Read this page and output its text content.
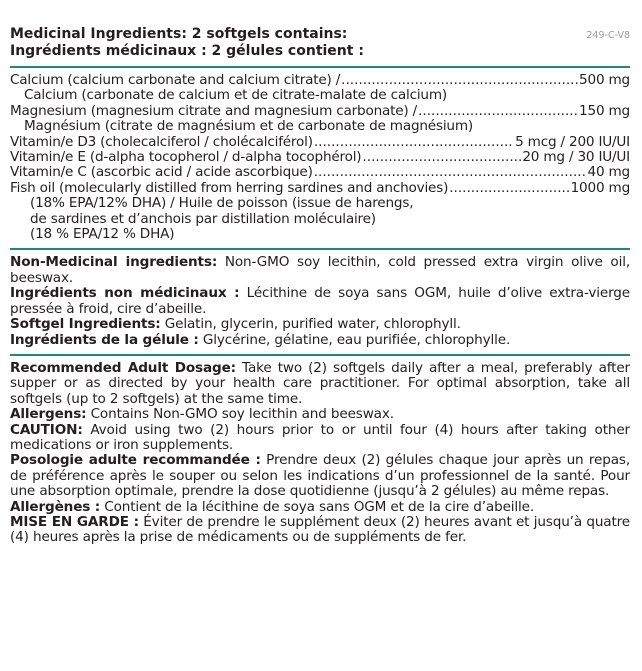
249-C-V8
Medicinal Ingredients: 2 softgels contains:
Ingrédients médicinaux : 2 gélules contient :
Calcium (calcium carbonate and calcium citrate) / .....	500 mg
Calcium (carbonate de calcium et de citrate-malate de calcium)
Magnesium (magnesium citrate and magnesium carbonate) / .....	150 mg
Magnésium (citrate de magnésium et de carbonate de magnésium)
Vitamin/e D3 (cholecalciferol / cholécalciférol) .....	5 mcg / 200 IU/UI
Vitamin/e E (d-alpha tocopherol / d-alpha tocophérol) .....	20 mg / 30 IU/UI
Vitamin/e C (ascorbic acid / acide ascorbique) .....	40 mg
Fish oil (molecularly distilled from herring sardines and anchovies) .....	1000 mg
(18% EPA/12% DHA) / Huile de poisson (issue de harengs,
de sardines et d’anchois par distillation moléculaire)
(18 % EPA/12 % DHA)
Non-Medicinal ingredients: Non-GMO soy lecithin, cold pressed extra virgin olive oil, beeswax.
Ingrédients non médicinaux : Lécithine de soya sans OGM, huile d’olive extra-vierge pressée à froid, cire d’abeille.
Softgel Ingredients: Gelatin, glycerin, purified water, chlorophyll.
Ingrédients de la gélule : Glycérine, gélatine, eau purifiée, chlorophylle.
Recommended Adult Dosage: Take two (2) softgels daily after a meal, preferably after supper or as directed by your health care practitioner. For optimal absorption, take all softgels (up to 2 softgels) at the same time.
Allergens: Contains Non-GMO soy lecithin and beeswax.
CAUTION: Avoid using two (2) hours prior to or until four (4) hours after taking other medications or iron supplements.
Posologie adulte recommandée : Prendre deux (2) gélules chaque jour après un repas, de préférence après le souper ou selon les indications d’un professionnel de la santé. Pour une absorption optimale, prendre la dose quotidienne (jusqu’à 2 gélules) au même repas.
Allergènes : Contient de la lécithine de soya sans OGM et de la cire d’abeille.
MISE EN GARDE : Éviter de prendre le supplément deux (2) heures avant et jusqu’à quatre (4) heures après la prise de médicaments ou de suppléments de fer.
